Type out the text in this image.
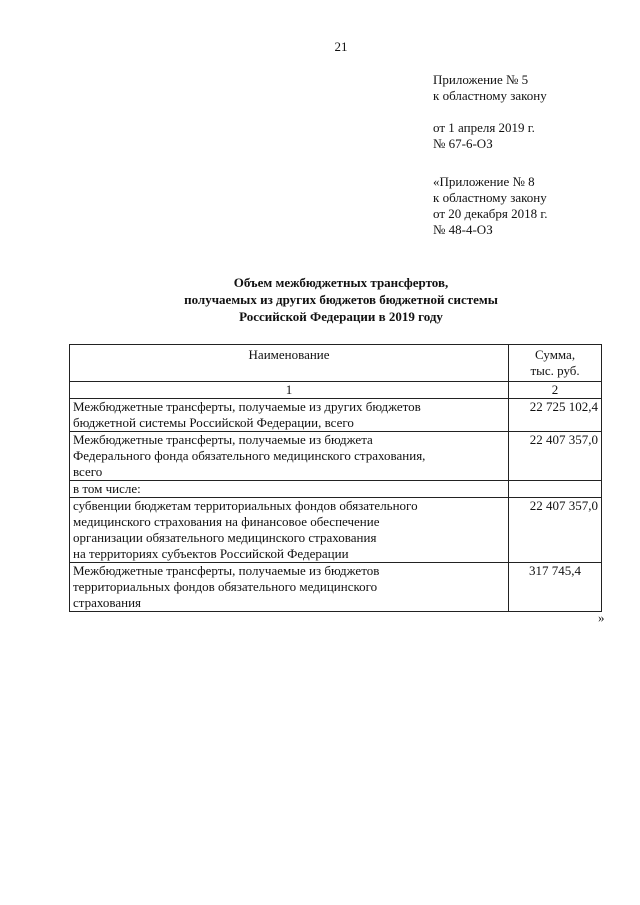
21
Приложение № 5
к областному закону
от 1 апреля 2019 г.
№ 67-6-ОЗ
«Приложение № 8
к областному закону
от 20 декабря 2018 г.
№ 48-4-ОЗ
Объем межбюджетных трансфертов,
получаемых из других бюджетов бюджетной системы
Российской Федерации в 2019 году
Наименование	Сумма,
тыс. руб.

1	2

Межбюджетные трансферты, получаемые из других бюджетов
бюджетной системы Российской Федерации, всего	22 725 102,4

Межбюджетные трансферты, получаемые из бюджета
Федерального фонда обязательного медицинского страхования,
всего	22 407 357,0

в том числе:	

субвенции бюджетам территориальных фондов обязательного
медицинского страхования на финансовое обеспечение
организации обязательного медицинского страхования
на территориях субъектов Российской Федерации	22 407 357,0

Межбюджетные трансферты, получаемые из бюджетов
территориальных фондов обязательного медицинского
страхования	317 745,4
»
